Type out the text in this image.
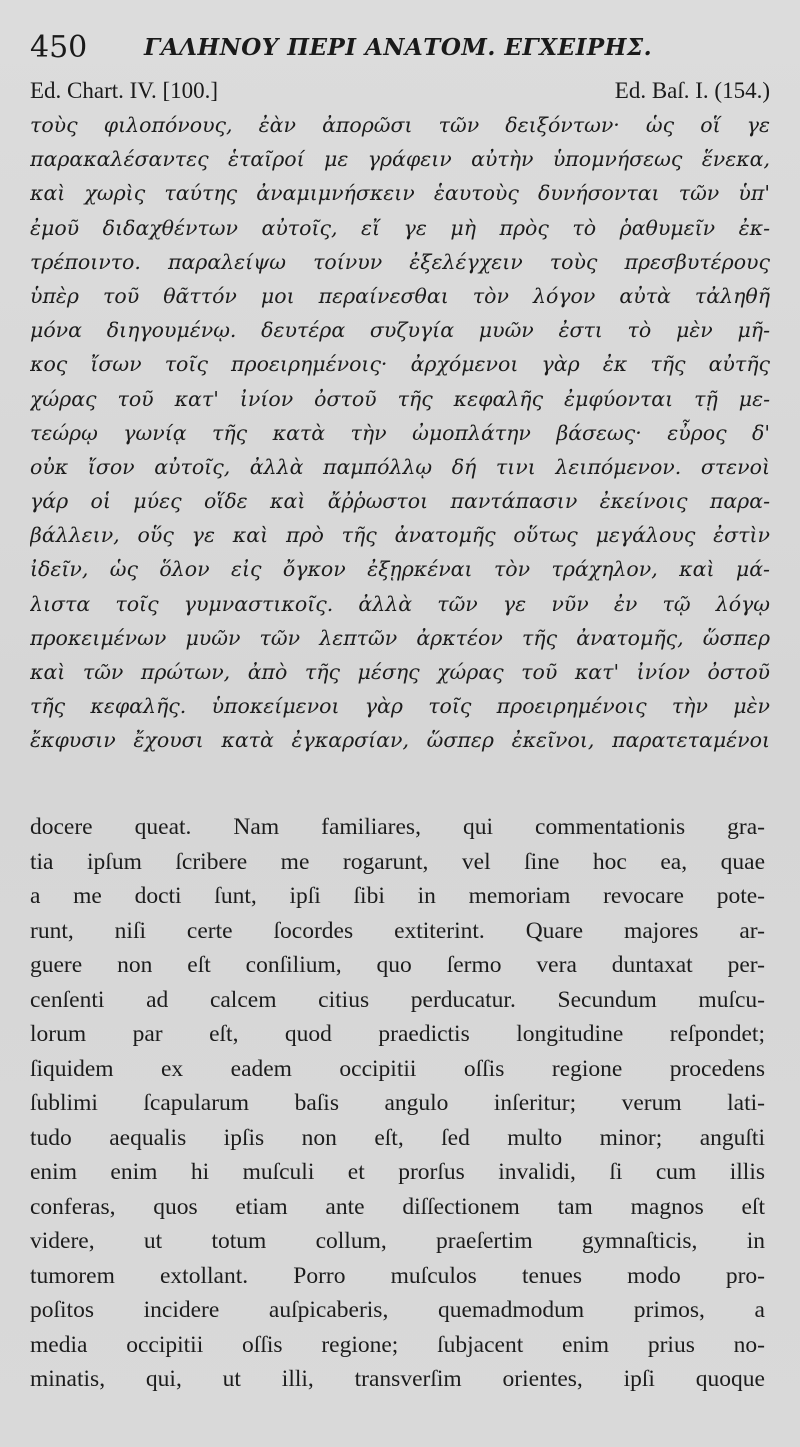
450 ΓΑΛΗΝΟΥ ΠΕΡΙ ΑΝΑΤΟΜ. ΕΓΧΕΙΡΗΣ.
Ed. Chart. IV. [100.]	Ed. Baſ. I. (154.)
τοὺς φιλοπόνους, ἐὰν ἀπορῶσι τῶν δειξόντων· ὡς οἵ γε
παρακαλέσαντες ἑταῖροί με γράφειν αὐτὴν ὑπομνήσεως ἕνεκα,
καὶ χωρὶς ταύτης ἀναμιμνήσκειν ἑαυτοὺς δυνήσονται τῶν ὑπ'
ἐμοῦ διδαχθέντων αὐτοῖς, εἴ γε μὴ πρὸς τὸ ῥαθυμεῖν ἐκ-
τρέποιντο. παραλείψω τοίνυν ἐξελέγχειν τοὺς πρεσβυτέρους
ὑπὲρ τοῦ θᾶττόν μοι περαίνεσθαι τὸν λόγον αὐτὰ τἀληθῆ
μόνα διηγουμένῳ. δευτέρα συζυγία μυῶν ἐστι τὸ μὲν μῆ-
κος ἴσων τοῖς προειρημένοις· ἀρχόμενοι γὰρ ἐκ τῆς αὐτῆς
χώρας τοῦ κατ' ἰνίον ὀστοῦ τῆς κεφαλῆς ἐμφύονται τῇ με-
τεώρῳ γωνίᾳ τῆς κατὰ τὴν ὠμοπλάτην βάσεως· εὖρος δ'
οὐκ ἴσον αὐτοῖς, ἀλλὰ παμπόλλῳ δή τινι λειπόμενον. στενοὶ
γάρ οἱ μύες οἵδε καὶ ἄῤῥωστοι παντάπασιν ἐκείνοις παρα-
βάλλειν, οὕς γε καὶ πρὸ τῆς ἀνατομῆς οὕτως μεγάλους ἐστὶν
ἰδεῖν, ὡς ὅλον εἰς ὄγκον ἐξῃρκέναι τὸν τράχηλον, καὶ μά-
λιστα τοῖς γυμναστικοῖς. ἀλλὰ τῶν γε νῦν ἐν τῷ λόγῳ
προκειμένων μυῶν τῶν λεπτῶν ἀρκτέον τῆς ἀνατομῆς, ὥσπερ
καὶ τῶν πρώτων, ἀπὸ τῆς μέσης χώρας τοῦ κατ' ἰνίον ὀστοῦ
τῆς κεφαλῆς. ὑποκείμενοι γὰρ τοῖς προειρημένοις τὴν μὲν
ἔκφυσιν ἔχουσι κατὰ ἐγκαρσίαν, ὥσπερ ἐκεῖνοι, παρατεταμένοι
docere queat. Nam familiares, qui commentationis gra-
tia ipſum ſcribere me rogarunt, vel ſine hoc ea, quae
a me docti ſunt, ipſi ſibi in memoriam revocare pote-
runt, niſi certe ſocordes extiterint. Quare majores ar-
guere non eſt conſilium, quo ſermo vera duntaxat per-
cenſenti ad calcem citius perducatur. Secundum muſcu-
lorum par eſt, quod praedictis longitudine reſpondet;
ſiquidem ex eadem occipitii oſſis regione procedens
ſublimi ſcapularum baſis angulo inſeritur; verum lati-
tudo aequalis ipſis non eſt, ſed multo minor; anguſti
enim enim hi muſculi et prorſus invalidi, ſi cum illis
conferas, quos etiam ante diſſectionem tam magnos eſt
videre, ut totum collum, praeſertim gymnaſticis, in
tumorem extollant. Porro muſculos tenues modo pro-
poſitos incidere auſpicaberis, quemadmodum primos, a
media occipitii oſſis regione; ſubjacent enim prius no-
minatis, qui, ut illi, transverſim orientes, ipſi quoque
